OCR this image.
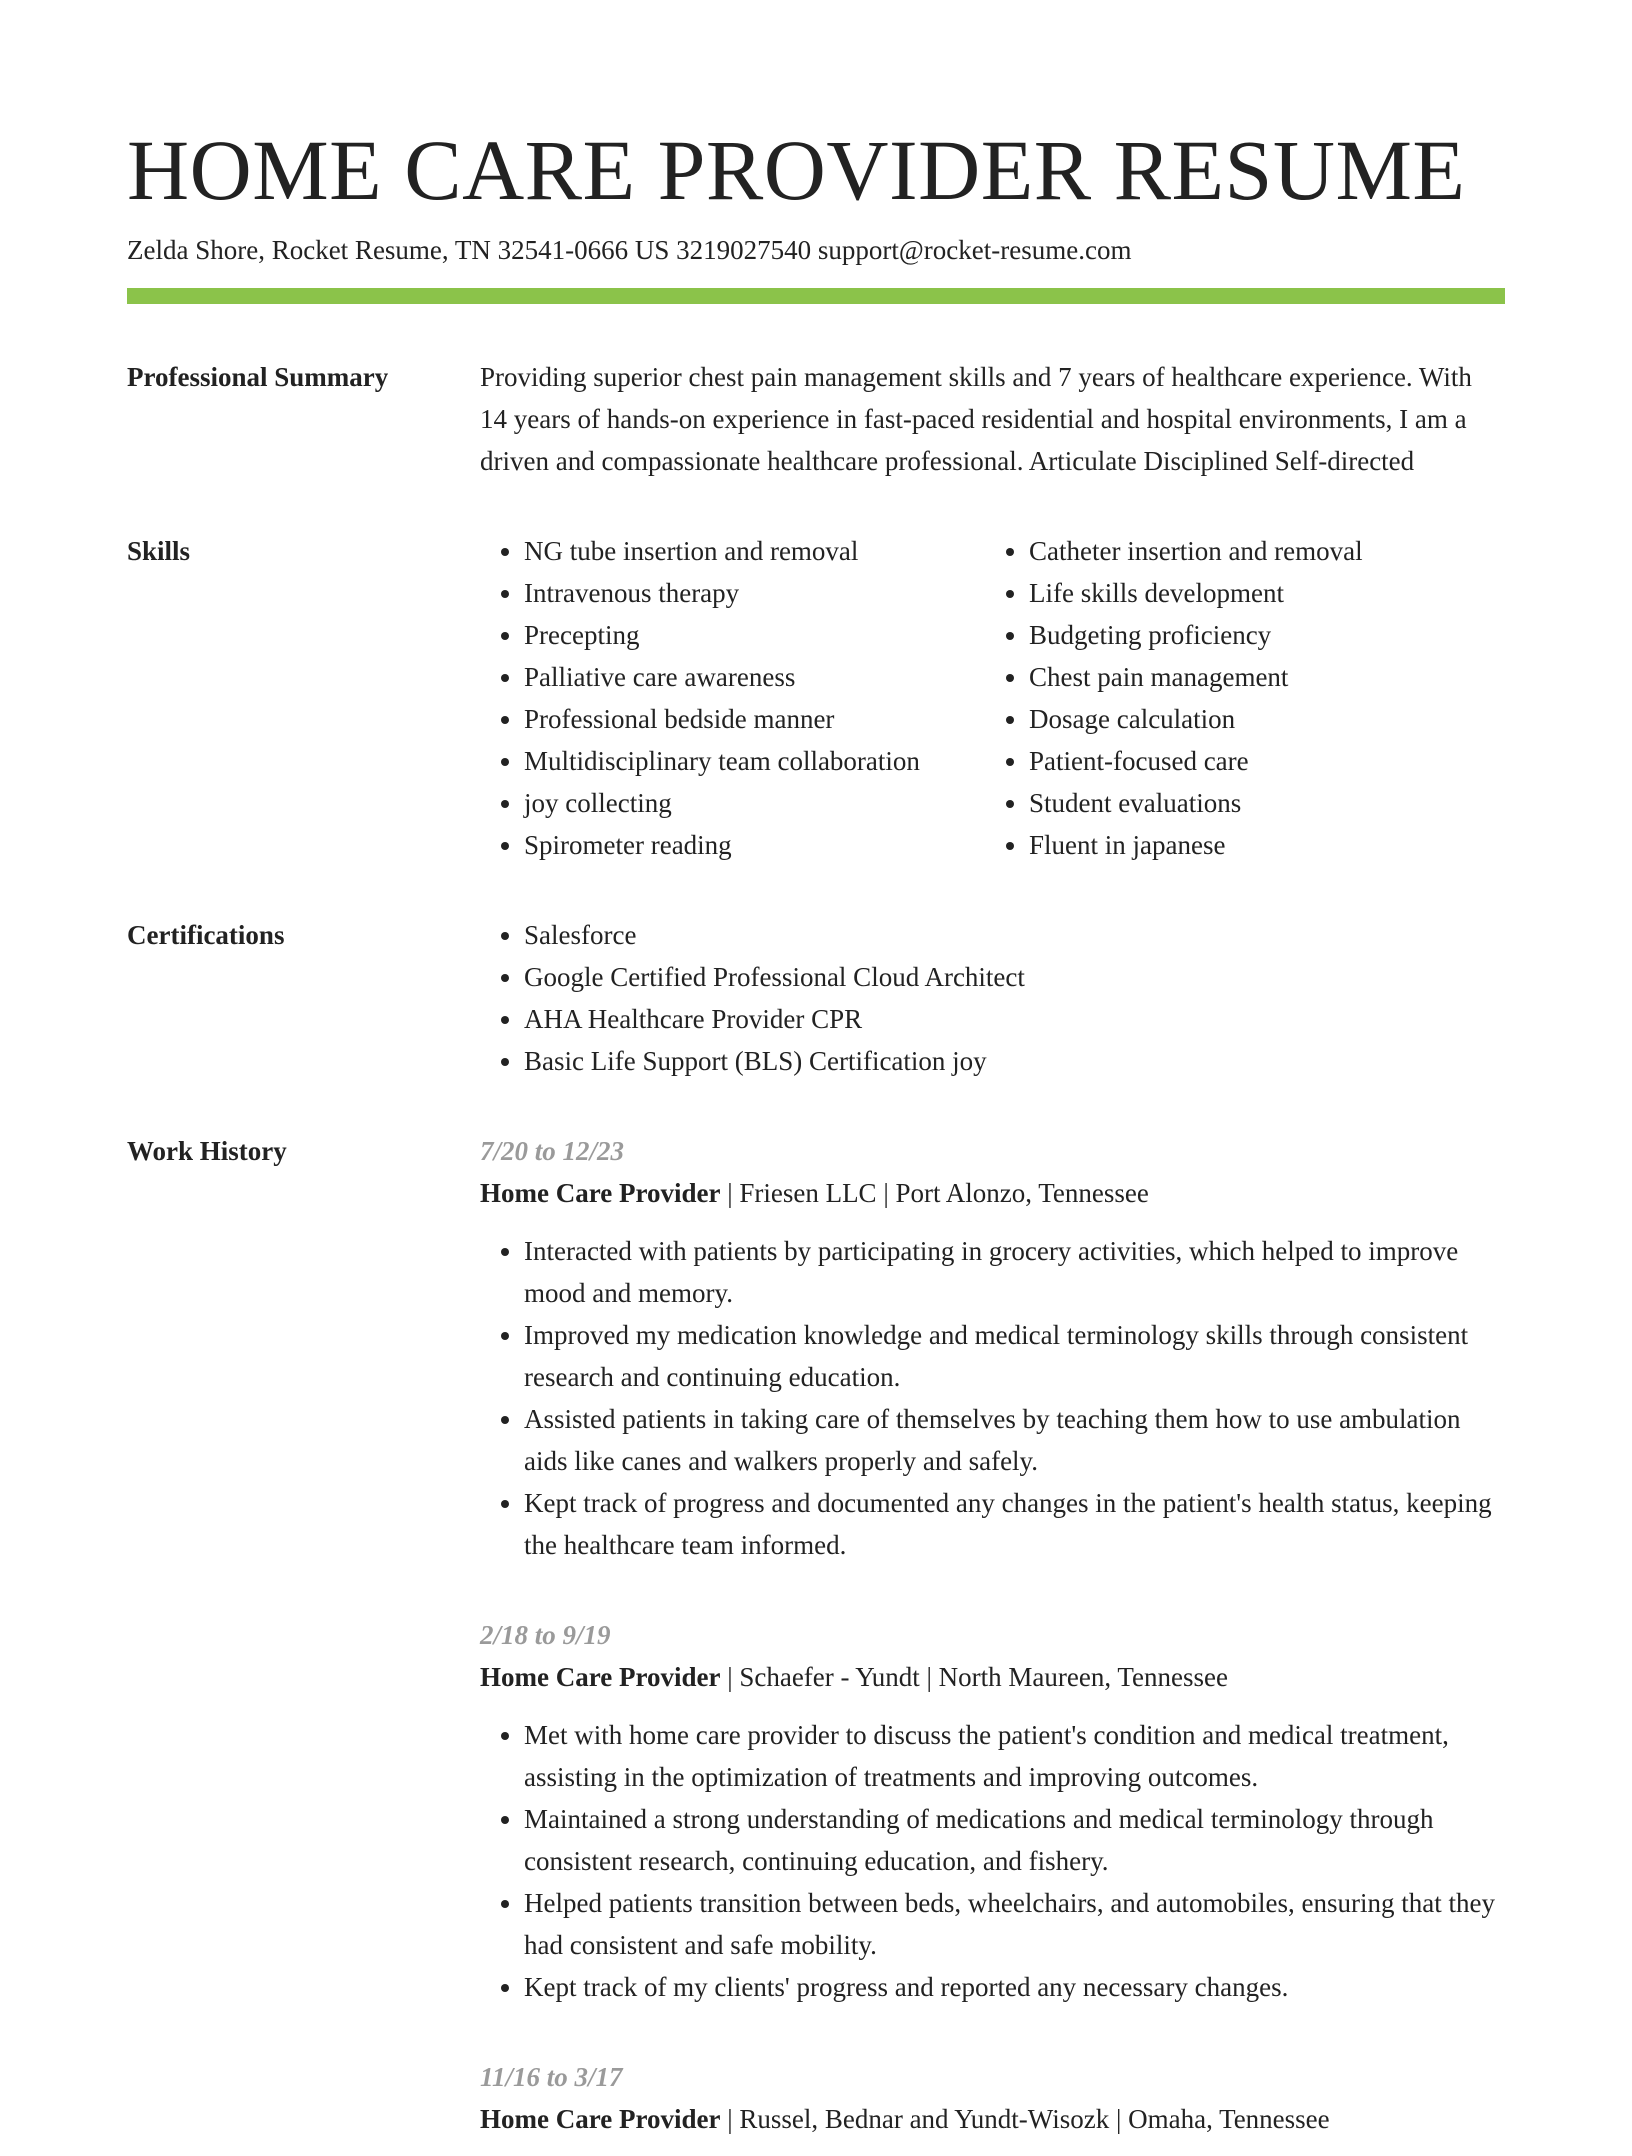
HOME CARE PROVIDER RESUME
Zelda Shore, Rocket Resume, TN 32541-0666 US 3219027540 support@rocket-resume.com
Professional Summary	Providing superior chest pain management skills and 7 years of healthcare experience. With 14 years of hands-on experience in fast-paced residential and hospital environments, I am a driven and compassionate healthcare professional. Articulate Disciplined Self-directed

Skills	• NG tube insertion and removal
• Intravenous therapy
• Precepting
• Palliative care awareness
• Professional bedside manner
• Multidisciplinary team collaboration
• joy collecting
• Spirometer reading
• Catheter insertion and removal
• Life skills development
• Budgeting proficiency
• Chest pain management
• Dosage calculation
• Patient-focused care
• Student evaluations
• Fluent in japanese
Certifications	• Salesforce
• Google Certified Professional Cloud Architect
• AHA Healthcare Provider CPR
• Basic Life Support (BLS) Certification joy
Work History	7/20 to 12/23
Home Care Provider | Friesen LLC | Port Alonzo, Tennessee
• Interacted with patients by participating in grocery activities, which helped to improve mood and memory.
• Improved my medication knowledge and medical terminology skills through consistent research and continuing education.
• Assisted patients in taking care of themselves by teaching them how to use ambulation aids like canes and walkers properly and safely.
• Kept track of progress and documented any changes in the patient's health status, keeping the healthcare team informed.
2/18 to 9/19
Home Care Provider | Schaefer - Yundt | North Maureen, Tennessee
• Met with home care provider to discuss the patient's condition and medical treatment, assisting in the optimization of treatments and improving outcomes.
• Maintained a strong understanding of medications and medical terminology through consistent research, continuing education, and fishery.
• Helped patients transition between beds, wheelchairs, and automobiles, ensuring that they had consistent and safe mobility.
• Kept track of my clients' progress and reported any necessary changes.
11/16 to 3/17
Home Care Provider | Russel, Bednar and Yundt-Wisozk | Omaha, Tennessee
